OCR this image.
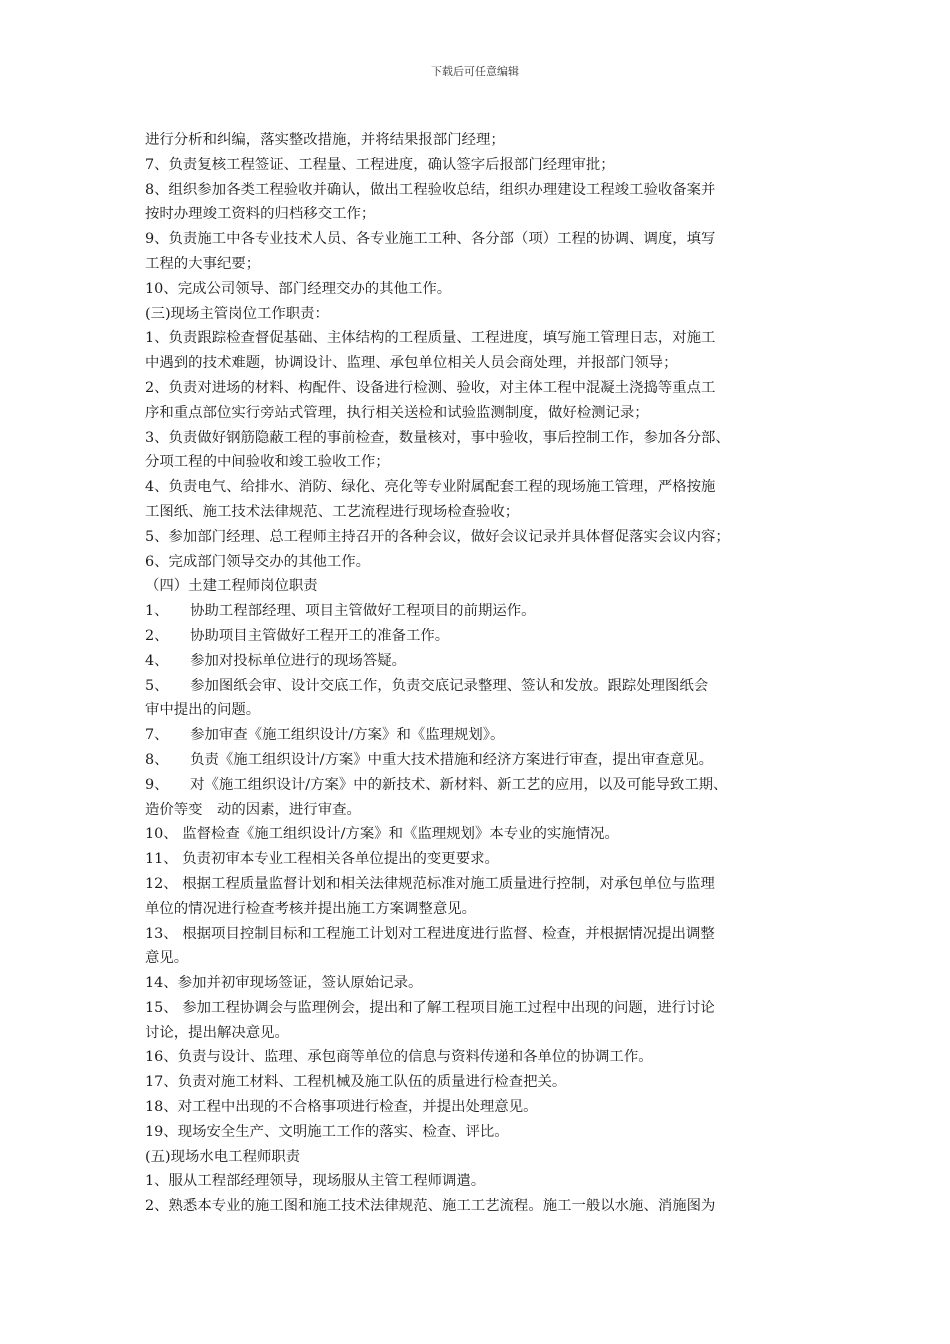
下载后可任意编辑
进行分析和纠编，落实整改措施，并将结果报部门经理；
7、负责复核工程签证、工程量、工程进度，确认签字后报部门经理审批；
8、组织参加各类工程验收并确认，做出工程验收总结，组织办理建设工程竣工验收备案并
按时办理竣工资料的归档移交工作；
9、负责施工中各专业技术人员、各专业施工工种、各分部（项）工程的协调、调度，填写
工程的大事纪要；
10、完成公司领导、部门经理交办的其他工作。
(三)现场主管岗位工作职责：
1、负责跟踪检查督促基础、主体结构的工程质量、工程进度，填写施工管理日志，对施工
中遇到的技术难题，协调设计、监理、承包单位相关人员会商处理，并报部门领导；
2、负责对进场的材料、构配件、设备进行检测、验收，对主体工程中混凝土浇捣等重点工
序和重点部位实行旁站式管理，执行相关送检和试验监测制度，做好检测记录；
3、负责做好钢筋隐蔽工程的事前检查，数量核对，事中验收，事后控制工作，参加各分部、
分项工程的中间验收和竣工验收工作；
4、负责电气、给排水、消防、绿化、亮化等专业附属配套工程的现场施工管理，严格按施
工图纸、施工技术法律规范、工艺流程进行现场检查验收；
5、参加部门经理、总工程师主持召开的各种会议，做好会议记录并具体督促落实会议内容；
6、完成部门领导交办的其他工作。
（四）土建工程师岗位职责
1、　　协助工程部经理、项目主管做好工程项目的前期运作。
2、　　协助项目主管做好工程开工的准备工作。
4、　　参加对投标单位进行的现场答疑。
5、　　参加图纸会审、设计交底工作，负责交底记录整理、签认和发放。跟踪处理图纸会
审中提出的问题。
7、　　参加审查《施工组织设计/方案》和《监理规划》。
8、　　负责《施工组织设计/方案》中重大技术措施和经济方案进行审查，提出审查意见。
9、　　对《施工组织设计/方案》中的新技术、新材料、新工艺的应用，以及可能导致工期、
造价等变　动的因素，进行审查。
10、 监督检查《施工组织设计/方案》和《监理规划》本专业的实施情况。
11、 负责初审本专业工程相关各单位提出的变更要求。
12、 根据工程质量监督计划和相关法律规范标准对施工质量进行控制，对承包单位与监理
单位的情况进行检查考核并提出施工方案调整意见。
13、 根据项目控制目标和工程施工计划对工程进度进行监督、检查，并根据情况提出调整
意见。
14、参加并初审现场签证，签认原始记录。
15、 参加工程协调会与监理例会，提出和了解工程项目施工过程中出现的问题，进行讨论
讨论，提出解决意见。
16、负责与设计、监理、承包商等单位的信息与资料传递和各单位的协调工作。
17、负责对施工材料、工程机械及施工队伍的质量进行检查把关。
18、对工程中出现的不合格事项进行检查，并提出处理意见。
19、现场安全生产、文明施工工作的落实、检查、评比。
(五)现场水电工程师职责
1、服从工程部经理领导，现场服从主管工程师调遣。
2、熟悉本专业的施工图和施工技术法律规范、施工工艺流程。施工一般以水施、消施图为
